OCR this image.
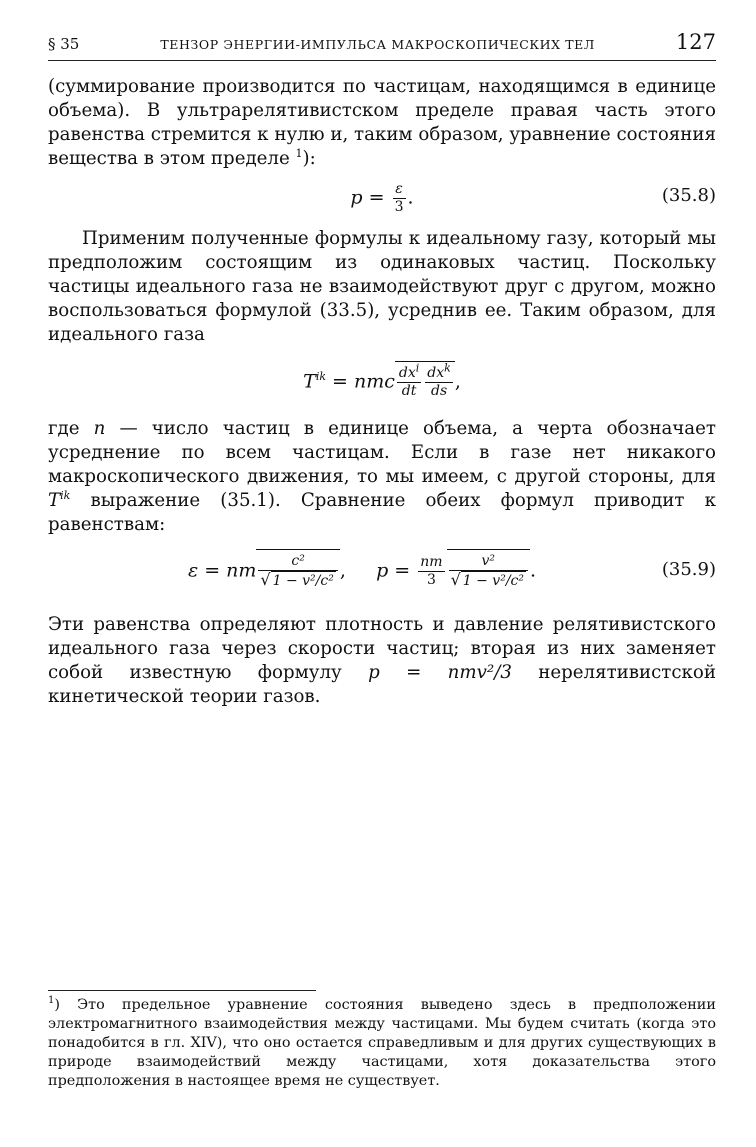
§ 35	ТЕНЗОР ЭНЕРГИИ-ИМПУЛЬСА МАКРОСКОПИЧЕСКИХ ТЕЛ	127

(суммирование производится по частицам, находящимся в единице объема). В ультрарелятивистском пределе правая часть этого равенства стремится к нулю и, таким образом, уравнение состояния вещества в этом пределе $^1$):

$p = \frac{\varepsilon}{3}$ .	(35.8)

Применим полученные формулы к идеальному газу, который мы предположим состоящим из одинаковых частиц. Поскольку частицы идеального газа не взаимодействуют друг с другом, можно воспользоваться формулой (33.5), усреднив ее. Таким образом, для идеального газа

$T^{ik}$ = nmc $\frac{dx^i}{dt} \frac{dx^k}{ds}$ ,

где n — число частиц в единице объема, а черта обозначает усреднение по всем частицам. Если в газе нет никакого макроскопического движения, то мы имеем, с другой стороны, для $T^{ik}$ выражение (35.1). Сравнение обеих формул приводит к равенствам:

ε = nm $\frac{\text{c²}}{\text{√ 1 − v²/c²}}$ , $p = \frac{nm}{3} \frac{\text{v²}}{\text{√ 1 − v²/c²}}$ .	(35.9)

Эти равенства определяют плотность и давление релятивистского идеального газа через скорости частиц; вторая из них заменяет собой известную формулу p = nmv²/3 нерелятивистской кинетической теории газов.

$^1$) Это предельное уравнение состояния выведено здесь в предположении электромагнитного взаимодействия между частицами. Мы будем считать (когда это понадобится в гл. XIV), что оно остается справедливым и для других существующих в природе взаимодействий между частицами, хотя доказательства этого предположения в настоящее время не существует.
